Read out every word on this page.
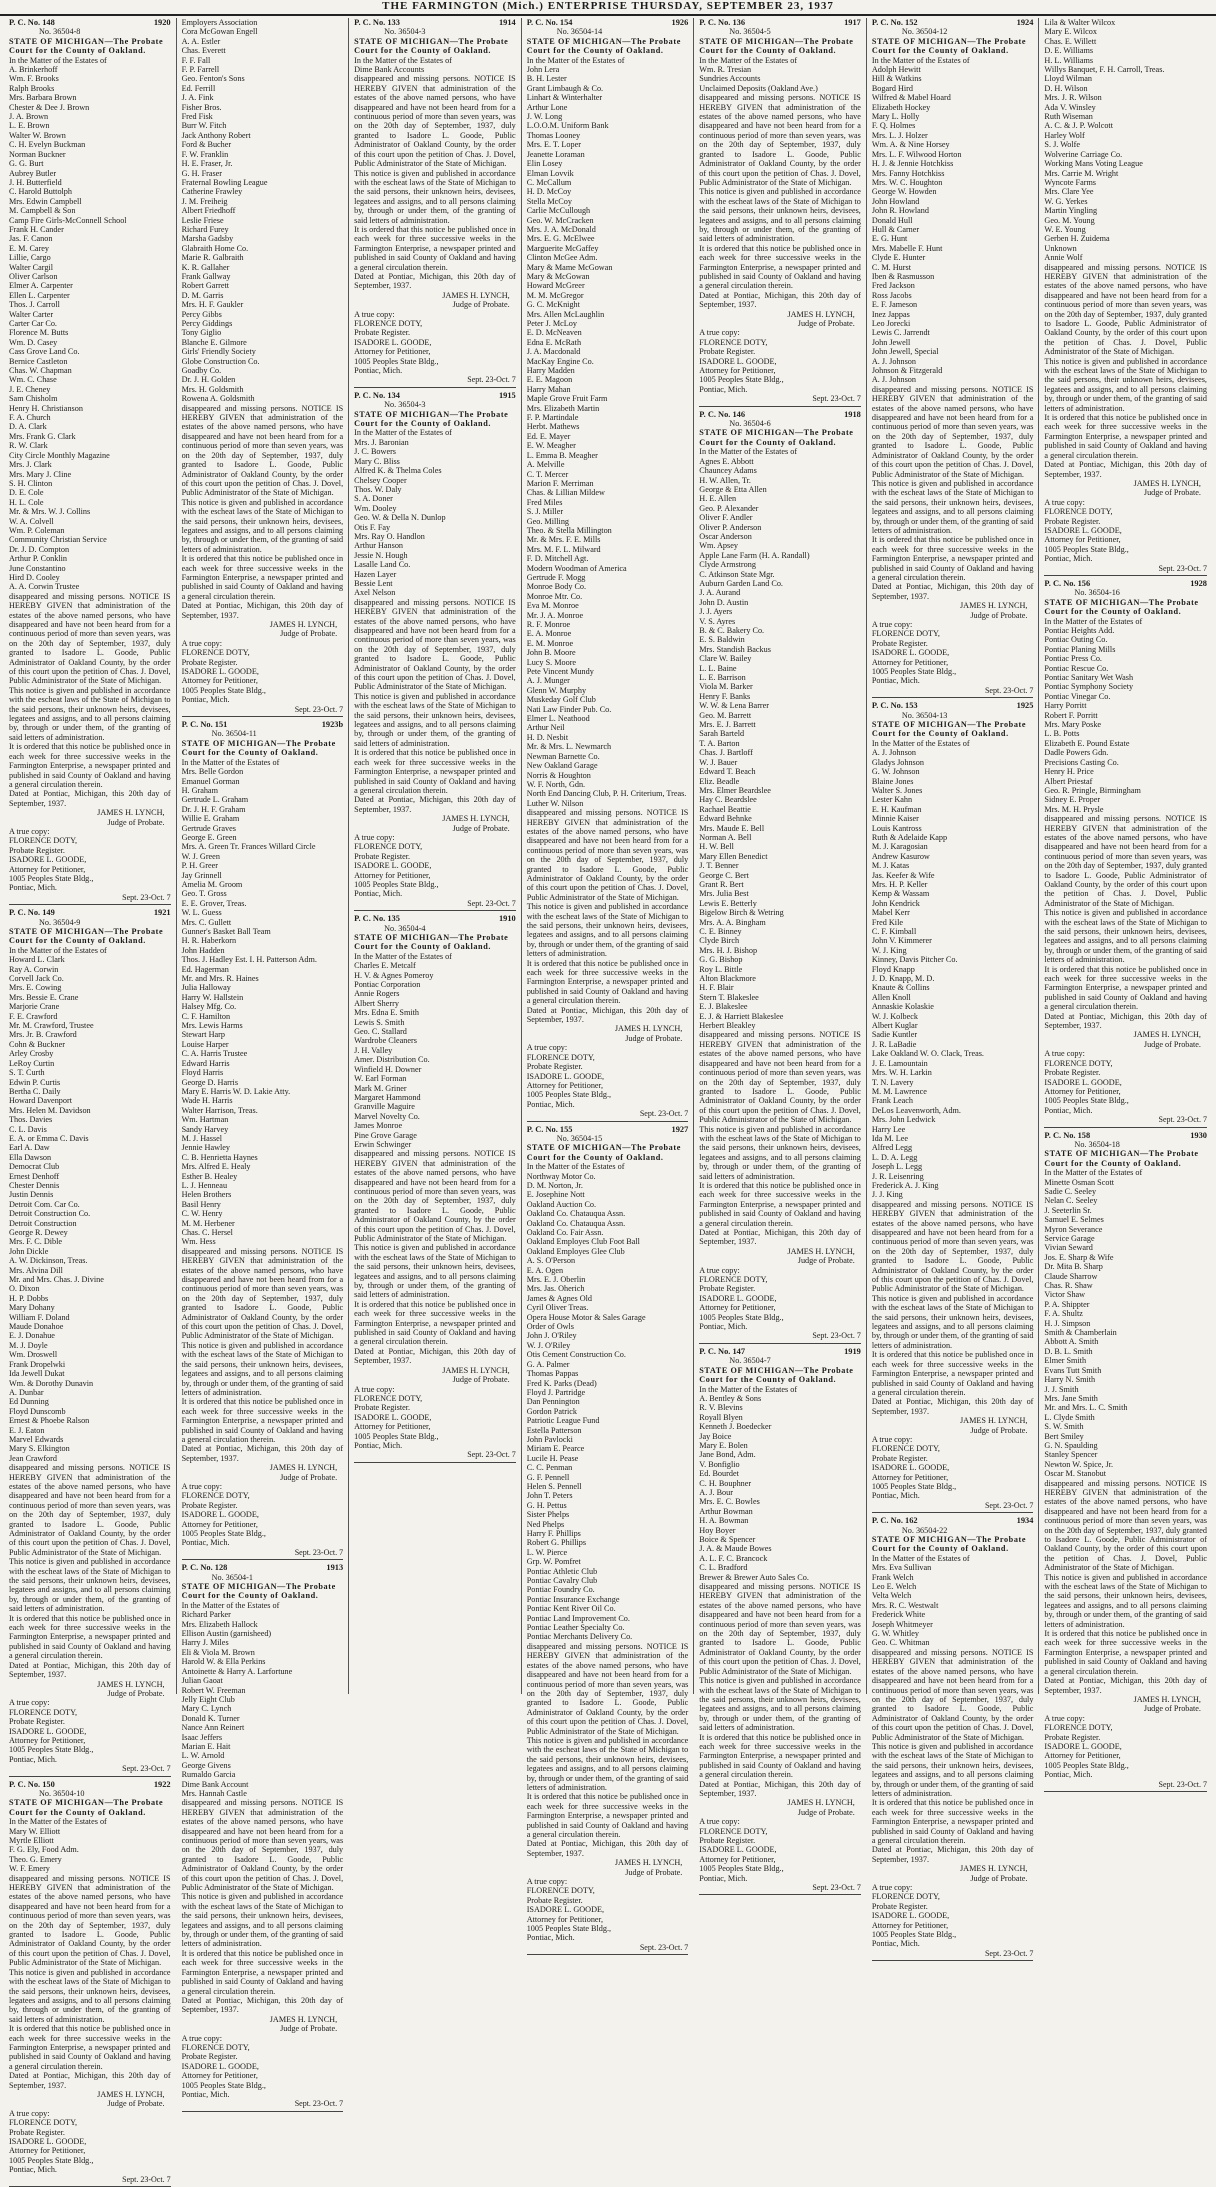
THE FARMINGTON (Mich.) ENTERPRISE THURSDAY, SEPTEMBER 23, 1937
P. C. No. 148	1920
No. 36504-8
STATE OF MICHIGAN—The Probate Court for the County of Oakland.
In the Matter of the Estates of
A. Brinkerhoff
Wm. F. Brooks
Ralph Brooks
Mrs. Barbara Brown
Chester & Dee J. Brown
J. A. Brown
L. E. Brown
Walter W. Brown
C. H. Evelyn Buckman
Norman Buckner
G. G. Burt
Aubrey Butler
J. H. Butterfield
C. Harold Buttolph
Mrs. Edwin Campbell
M. Campbell & Son
Camp Fire Girls-McConnell School
Frank H. Cander
Jas. F. Canon
E. M. Carey
Lillie, Cargo
Walter Cargil
Oliver Carlson
Elmer A. Carpenter
Ellen L. Carpenter
Thos. J. Carroll
Walter Carter
Carter Car Co.
Florence M. Butts
Wm. D. Casey
Cass Grove Land Co.
Bernice Castleton
Chas. W. Chapman
Wm. C. Chase
J. E. Cheney
Sam Chisholm
Henry H. Christianson
F. A. Church
D. A. Clark
Mrs. Frank G. Clark
R. W. Clark
City Circle Monthly Magazine
Mrs. J. Clark
Mrs. Mary J. Cline
S. H. Clinton
D. E. Cole
H. L. Cole
Mr. & Mrs. W. J. Collins
W. A. Colvell
Wm. P. Coleman
Community Christian Service
Dr. J. D. Compton
Arthur P. Conklin
June Constantino
Hird D. Cooley
A. A. Corwin Trustee
disappeared and missing persons. NOTICE IS HEREBY GIVEN that administration of the estates of the above named persons, who have disappeared and have not been heard from for a continuous period of more than seven years, was on the 20th day of September, 1937, duly granted to Isadore L. Goode, Public Administrator of Oakland County, by the order of this court upon the petition of Chas. J. Dovel, Public Administrator of the State of Michigan.
This notice is given and published in accordance with the escheat laws of the State of Michigan to the said persons, their unknown heirs, devisees, legatees and assigns, and to all persons claiming by, through or under them, of the granting of said letters of administration.
It is ordered that this notice be published once in each week for three successive weeks in the Farmington Enterprise, a newspaper printed and published in said County of Oakland and having a general circulation therein.
Dated at Pontiac, Michigan, this 20th day of September, 1937.
JAMES H. LYNCH,
Judge of Probate.
A true copy:
FLORENCE DOTY,
Probate Register.
ISADORE L. GOODE,
Attorney for Petitioner,
1005 Peoples State Bldg.,
Pontiac, Mich.
Sept. 23-Oct. 7
P. C. No. 149	1921
No. 36504-9
STATE OF MICHIGAN—The Probate Court for the County of Oakland.
In the Matter of the Estates of
Howard L. Clark
Ray A. Corwin
Corvell Jack Co.
Mrs. E. Cowing
Mrs. Bessie E. Crane
Marjorie Crane
F. E. Crawford
Mr. M. Crawford, Trustee
Mrs. Jr. B. Crawford
Cohn & Buckner
Arley Crosby
LeRoy Curtin
S. T. Curth
Edwin P. Curtis
Bertha C. Daily
Howard Davenport
Mrs. Helen M. Davidson
Thos. Davies
C. L. Davis
E. A. or Emma C. Davis
Earl A. Daw
Ella Dawson
Democrat Club
Ernest Denhoff
Chester Dennis
Justin Dennis
Detroit Com. Car Co.
Detroit Construction Co.
Detroit Construction
George R. Dewey
Mrs. F. C. Dible
John Dickle
A. W. Dickinson, Treas.
Mrs. Alvina Dill
Mr. and Mrs. Chas. J. Divine
O. Dixon
H. P. Dobbs
Mary Dohany
William F. Doland
Maude Donahoe
E. J. Donahue
M. J. Doyle
Wm. Droswell
Frank Dropelwki
Ida Jewell Dukat
Wm. & Dorothy Dunavin
A. Dunbar
Ed Dunning
Floyd Dunscomb
Ernest & Phoebe Ralson
E. J. Eaton
Marvel Edwards
Mary S. Elkington
Jean Crawford
disappeared and missing persons. NOTICE IS HEREBY GIVEN that administration of the estates of the above named persons, who have disappeared and have not been heard from for a continuous period of more than seven years, was on the 20th day of September, 1937, duly granted to Isadore L. Goode, Public Administrator of Oakland County, by the order of this court upon the petition of Chas. J. Dovel, Public Administrator of the State of Michigan.
This notice is given and published in accordance with the escheat laws of the State of Michigan to the said persons, their unknown heirs, devisees, legatees and assigns, and to all persons claiming by, through or under them, of the granting of said letters of administration.
It is ordered that this notice be published once in each week for three successive weeks in the Farmington Enterprise, a newspaper printed and published in said County of Oakland and having a general circulation therein.
Dated at Pontiac, Michigan, this 20th day of September, 1937.
JAMES H. LYNCH,
Judge of Probate.
A true copy:
FLORENCE DOTY,
Probate Register.
ISADORE L. GOODE,
Attorney for Petitioner,
1005 Peoples State Bldg.,
Pontiac, Mich.
Sept. 23-Oct. 7
P. C. No. 150	1922
No. 36504-10
STATE OF MICHIGAN—The Probate Court for the County of Oakland.
In the Matter of the Estates of
Mary W. Elliott
Myrtle Elliott
F. G. Ely, Food Adm.
Theo. G. Emery
W. F. Emery
disappeared and missing persons. NOTICE IS HEREBY GIVEN that administration of the estates of the above named persons, who have disappeared and have not been heard from for a continuous period of more than seven years, was on the 20th day of September, 1937, duly granted to Isadore L. Goode, Public Administrator of Oakland County, by the order of this court upon the petition of Chas. J. Dovel, Public Administrator of the State of Michigan.
This notice is given and published in accordance with the escheat laws of the State of Michigan to the said persons, their unknown heirs, devisees, legatees and assigns, and to all persons claiming by, through or under them, of the granting of said letters of administration.
It is ordered that this notice be published once in each week for three successive weeks in the Farmington Enterprise, a newspaper printed and published in said County of Oakland and having a general circulation therein.
Dated at Pontiac, Michigan, this 20th day of September, 1937.
JAMES H. LYNCH,
Judge of Probate.
A true copy:
FLORENCE DOTY,
Probate Register.
ISADORE L. GOODE,
Attorney for Petitioner,
1005 Peoples State Bldg.,
Pontiac, Mich.
Sept. 23-Oct. 7
Employers Association
Cora McGowan Engell
A. A. Estler
Chas. Everett
F. F. Fall
F. P. Farrell
Geo. Fenton's Sons
Ed. Ferrill
J. A. Fink
Fisher Bros.
Fred Fisk
Burr W. Fitch
Jack Anthony Robert
Ford & Bucher
F. W. Franklin
H. E. Fraser, Jr.
G. H. Fraser
Fraternal Bowling League
Catherine Frawley
J. M. Freiheig
Albert Friedhoff
Leslie Friese
Richard Furey
Marsha Gadsby
Glabraith Home Co.
Marie R. Galbraith
K. R. Gallaher
Frank Gallway
Robert Garrett
D. M. Garris
Mrs. H. F. Gaukler
Percy Gibbs
Percy Giddings
Tony Giglio
Blanche E. Gilmore
Girls' Friendly Society
Globe Construction Co.
Goadby Co.
Dr. J. H. Golden
Mrs. H. Goldsmith
Rowena A. Goldsmith
disappeared and missing persons. NOTICE IS HEREBY GIVEN that administration of the estates of the above named persons, who have disappeared and have not been heard from for a continuous period of more than seven years, was on the 20th day of September, 1937, duly granted to Isadore L. Goode, Public Administrator of Oakland County, by the order of this court upon the petition of Chas. J. Dovel, Public Administrator of the State of Michigan.
This notice is given and published in accordance with the escheat laws of the State of Michigan to the said persons, their unknown heirs, devisees, legatees and assigns, and to all persons claiming by, through or under them, of the granting of said letters of administration.
It is ordered that this notice be published once in each week for three successive weeks in the Farmington Enterprise, a newspaper printed and published in said County of Oakland and having a general circulation therein.
Dated at Pontiac, Michigan, this 20th day of September, 1937.
JAMES H. LYNCH,
Judge of Probate.
A true copy:
FLORENCE DOTY,
Probate Register.
ISADORE L. GOODE,
Attorney for Petitioner,
1005 Peoples State Bldg.,
Pontiac, Mich.
Sept. 23-Oct. 7
P. C. No. 151	1923b
No. 36504-11
STATE OF MICHIGAN—The Probate Court for the County of Oakland.
In the Matter of the Estates of
Mrs. Belle Gordon
Emanuel Gorman
H. Graham
Gertrude L. Graham
Dr. J. H. F. Graham
Willie E. Graham
Gertrude Graves
George E. Green
Mrs. A. Green Tr. Frances Willard Circle
W. J. Green
P. H. Greer
Jay Grinnell
Amelia M. Groom
Geo. T. Gross
E. E. Grover, Treas.
W. L. Guess
Mrs. C. Gullett
Gunner's Basket Ball Team
H. R. Haberkorn
John Hadden
Thos. J. Hadley Est. I. H. Patterson Adm.
Ed. Hagerman
Mr. and Mrs. R. Haines
Julia Halloway
Harry W. Hallstein
Halsey Mfg. Co.
C. F. Hamilton
Mrs. Lewis Harms
Stewart Harp
Louise Harper
C. A. Harris Trustee
Edward Harris
Floyd Harris
George D. Harris
Mary E. Harris W. D. Lakie Atty.
Wade H. Harris
Walter Harrison, Treas.
Wm. Hartman
Sandy Harvey
M. J. Hassel
Jennie Hawley
C. B. Henrietta Haynes
Mrs. Alfred E. Healy
Esther B. Healey
L. J. Henneau
Helen Brothers
Basil Henry
C. W. Henry
M. M. Herbener
Chas. C. Hersel
Wm. Hess
disappeared and missing persons. NOTICE IS HEREBY GIVEN that administration of the estates of the above named persons, who have disappeared and have not been heard from for a continuous period of more than seven years, was on the 20th day of September, 1937, duly granted to Isadore L. Goode, Public Administrator of Oakland County, by the order of this court upon the petition of Chas. J. Dovel, Public Administrator of the State of Michigan.
This notice is given and published in accordance with the escheat laws of the State of Michigan to the said persons, their unknown heirs, devisees, legatees and assigns, and to all persons claiming by, through or under them, of the granting of said letters of administration.
It is ordered that this notice be published once in each week for three successive weeks in the Farmington Enterprise, a newspaper printed and published in said County of Oakland and having a general circulation therein.
Dated at Pontiac, Michigan, this 20th day of September, 1937.
JAMES H. LYNCH,
Judge of Probate.
A true copy:
FLORENCE DOTY,
Probate Register.
ISADORE L. GOODE,
Attorney for Petitioner,
1005 Peoples State Bldg.,
Pontiac, Mich.
Sept. 23-Oct. 7
P. C. No. 128	1913
No. 36504-1
STATE OF MICHIGAN—The Probate Court for the County of Oakland.
In the Matter of the Estates of
Richard Parker
Mrs. Elizabeth Hallock
Ellison Austin (garnisheed)
Harry J. Miles
Eli & Viola M. Brown
Harold W. & Ella Perkins
Antoinette & Harry A. Larfortune
Julian Gaoat
Robert W. Freeman
Jelly Eight Club
Mary C. Lynch
Donald K. Turner
Nance Ann Reinert
Isaac Jeffers
Marian E. Hait
L. W. Arnold
George Givens
Rumaldo Garcia
Dime Bank Account
Mrs. Hannah Castle
disappeared and missing persons. NOTICE IS HEREBY GIVEN that administration of the estates of the above named persons, who have disappeared and have not been heard from for a continuous period of more than seven years, was on the 20th day of September, 1937, duly granted to Isadore L. Goode, Public Administrator of Oakland County, by the order of this court upon the petition of Chas. J. Dovel, Public Administrator of the State of Michigan.
This notice is given and published in accordance with the escheat laws of the State of Michigan to the said persons, their unknown heirs, devisees, legatees and assigns, and to all persons claiming by, through or under them, of the granting of said letters of administration.
It is ordered that this notice be published once in each week for three successive weeks in the Farmington Enterprise, a newspaper printed and published in said County of Oakland and having a general circulation therein.
Dated at Pontiac, Michigan, this 20th day of September, 1937.
JAMES H. LYNCH,
Judge of Probate.
A true copy:
FLORENCE DOTY,
Probate Register.
ISADORE L. GOODE,
Attorney for Petitioner,
1005 Peoples State Bldg.,
Pontiac, Mich.
Sept. 23-Oct. 7
P. C. No. 133	1914
No. 36504-3
STATE OF MICHIGAN—The Probate Court for the County of Oakland.
In the Matter of the Estates of
Dime Bank Accounts
disappeared and missing persons. NOTICE IS HEREBY GIVEN that administration of the estates of the above named persons, who have disappeared and have not been heard from for a continuous period of more than seven years, was on the 20th day of September, 1937, duly granted to Isadore L. Goode, Public Administrator of Oakland County, by the order of this court upon the petition of Chas. J. Dovel, Public Administrator of the State of Michigan.
This notice is given and published in accordance with the escheat laws of the State of Michigan to the said persons, their unknown heirs, devisees, legatees and assigns, and to all persons claiming by, through or under them, of the granting of said letters of administration.
It is ordered that this notice be published once in each week for three successive weeks in the Farmington Enterprise, a newspaper printed and published in said County of Oakland and having a general circulation therein.
Dated at Pontiac, Michigan, this 20th day of September, 1937.
JAMES H. LYNCH,
Judge of Probate.
A true copy:
FLORENCE DOTY,
Probate Register.
ISADORE L. GOODE,
Attorney for Petitioner,
1005 Peoples State Bldg.,
Pontiac, Mich.
Sept. 23-Oct. 7
P. C. No. 134	1915
No. 36504-3
STATE OF MICHIGAN—The Probate Court for the County of Oakland.
In the Matter of the Estates of
Mrs. J. Baronian
J. C. Bowers
Mary C. Bliss
Alfred K. & Thelma Coles
Chelsey Cooper
Thos. W. Daly
S. A. Doner
Wm. Dooley
Geo. W. & Della N. Dunlop
Otis F. Fay
Mrs. Ray O. Handlon
Arthur Hanson
Jessie N. Hough
Lasalle Land Co.
Hazen Layer
Bessie Lent
Axel Nelson
disappeared and missing persons. NOTICE IS HEREBY GIVEN that administration of the estates of the above named persons, who have disappeared and have not been heard from for a continuous period of more than seven years, was on the 20th day of September, 1937, duly granted to Isadore L. Goode, Public Administrator of Oakland County, by the order of this court upon the petition of Chas. J. Dovel, Public Administrator of the State of Michigan.
This notice is given and published in accordance with the escheat laws of the State of Michigan to the said persons, their unknown heirs, devisees, legatees and assigns, and to all persons claiming by, through or under them, of the granting of said letters of administration.
It is ordered that this notice be published once in each week for three successive weeks in the Farmington Enterprise, a newspaper printed and published in said County of Oakland and having a general circulation therein.
Dated at Pontiac, Michigan, this 20th day of September, 1937.
JAMES H. LYNCH,
Judge of Probate.
A true copy:
FLORENCE DOTY,
Probate Register.
ISADORE L. GOODE,
Attorney for Petitioner,
1005 Peoples State Bldg.,
Pontiac, Mich.
Sept. 23-Oct. 7
P. C. No. 135	1910
No. 36504-4
STATE OF MICHIGAN—The Probate Court for the County of Oakland.
In the Matter of the Estates of
Charles E. Metcalf
H. V. & Agnes Pomeroy
Pontiac Corporation
Annie Rogers
Albert Sherry
Mrs. Edna E. Smith
Lewis S. Smith
Geo. C. Stallard
Wardrobe Cleaners
J. H. Valley
Amer. Distribution Co.
Winfield H. Downer
W. Earl Forman
Mark M. Griner
Margaret Hammond
Granville Maguire
Marvel Novelty Co.
James Monroe
Pine Grove Garage
Erwin Schwinger
disappeared and missing persons. NOTICE IS HEREBY GIVEN that administration of the estates of the above named persons, who have disappeared and have not been heard from for a continuous period of more than seven years, was on the 20th day of September, 1937, duly granted to Isadore L. Goode, Public Administrator of Oakland County, by the order of this court upon the petition of Chas. J. Dovel, Public Administrator of the State of Michigan.
This notice is given and published in accordance with the escheat laws of the State of Michigan to the said persons, their unknown heirs, devisees, legatees and assigns, and to all persons claiming by, through or under them, of the granting of said letters of administration.
It is ordered that this notice be published once in each week for three successive weeks in the Farmington Enterprise, a newspaper printed and published in said County of Oakland and having a general circulation therein.
Dated at Pontiac, Michigan, this 20th day of September, 1937.
JAMES H. LYNCH,
Judge of Probate.
A true copy:
FLORENCE DOTY,
Probate Register.
ISADORE L. GOODE,
Attorney for Petitioner,
1005 Peoples State Bldg.,
Pontiac, Mich.
Sept. 23-Oct. 7
P. C. No. 154	1926
No. 36504-14
STATE OF MICHIGAN—The Probate Court for the County of Oakland.
In the Matter of the Estates of
John Lera
B. H. Lester
Grant Limbaugh & Co.
Linhart & Winterhalter
Arthur Lone
J. W. Long
L.O.O.M. Uniform Bank
Thomas Looney
Mrs. E. T. Loper
Jeanette Loraman
Elin Losey
Elman Lovvik
C. McCallum
H. D. McCoy
Stella McCoy
Carlie McCullough
Geo. W. McCracken
Mrs. J. A. McDonald
Mrs. E. G. McElwee
Marguerite McGaffey
Clinton McGee Adm.
Mary & Mame McGowan
Mary & McGowan
Howard McGreer
M. M. McGregor
G. C. McKnight
Mrs. Allen McLaughlin
Peter J. McLoy
E. D. McNeaven
Edna E. McRath
J. A. Macdonald
MacKay Engine Co.
Harry Madden
E. E. Magoon
Harry Mahan
Maple Grove Fruit Farm
Mrs. Elizabeth Martin
F. P. Martindale
Herbt. Mathews
Ed. E. Mayer
E. W. Meagher
L. Emma B. Meagher
A. Melville
C. T. Mercer
Marion F. Merriman
Chas. & Lillian Mildew
Fred Miles
S. J. Miller
Geo. Milling
Theo. & Stella Millington
Mr. & Mrs. F. E. Mills
Mrs. M. F. L. Milward
F. D. Mitchell Agt.
Modern Woodman of America
Gertrude F. Mogg
Monroe Body Co.
Monroe Mtr. Co.
Eva M. Monroe
Mr. J. A. Monroe
R. F. Monroe
E. A. Monroe
E. M. Monroe
John B. Moore
Lucy S. Moore
Pete Vincent Mundy
A. J. Munger
Glenn W. Murphy
Muskeday Golf Club
Nati Law Finder Pub. Co.
Elmer L. Neathood
Arthur Neil
H. D. Nesbit
Mr. & Mrs. L. Newmarch
Newman Barnette Co.
New Oakland Garage
Norris & Houghton
W. F. North, Gdn.
North End Dancing Club, P. H. Criterium, Treas.
Luther W. Nilson
disappeared and missing persons. NOTICE IS HEREBY GIVEN that administration of the estates of the above named persons, who have disappeared and have not been heard from for a continuous period of more than seven years, was on the 20th day of September, 1937, duly granted to Isadore L. Goode, Public Administrator of Oakland County, by the order of this court upon the petition of Chas. J. Dovel, Public Administrator of the State of Michigan.
This notice is given and published in accordance with the escheat laws of the State of Michigan to the said persons, their unknown heirs, devisees, legatees and assigns, and to all persons claiming by, through or under them, of the granting of said letters of administration.
It is ordered that this notice be published once in each week for three successive weeks in the Farmington Enterprise, a newspaper printed and published in said County of Oakland and having a general circulation therein.
Dated at Pontiac, Michigan, this 20th day of September, 1937.
JAMES H. LYNCH,
Judge of Probate.
A true copy:
FLORENCE DOTY,
Probate Register.
ISADORE L. GOODE,
Attorney for Petitioner,
1005 Peoples State Bldg.,
Pontiac, Mich.
Sept. 23-Oct. 7
P. C. No. 155	1927
No. 36504-15
STATE OF MICHIGAN—The Probate Court for the County of Oakland.
In the Matter of the Estates of
Northway Motor Co.
D. M. Norton, Jr.
E. Josephine Nott
Oakland Auction Co.
Oakland Co. Chatauqua Assn.
Oakland Co. Chatauqua Assn.
Oakland Co. Fair Assn.
Oakland Employes Club Foot Ball
Oakland Employes Glee Club
A. S. O'Person
E. A. Ogen
Mrs. E. J. Oberlin
Mrs. Jas. Oherich
James & Agnes Old
Cyril Oliver Treas.
Opera House Motor & Sales Garage
Order of Owls
John J. O'Riley
W. J. O'Riley
Otis Cement Construction Co.
G. A. Palmer
Thomas Pappas
Fred K. Parks (Dead)
Floyd J. Partridge
Dan Pennington
Gordon Patrick
Patriotic League Fund
Estella Patterson
John Pavlocki
Miriam E. Pearce
Lucile H. Pease
C. C. Penman
G. F. Pennell
Helen S. Pennell
John T. Peters
G. H. Pettus
Sister Phelps
Ned Phelps
Harry F. Phillips
Robert G. Phillips
L. W. Pierce
Grp. W. Pomfret
Pontiac Athletic Club
Pontiac Cavalry Club
Pontiac Foundry Co.
Pontiac Insurance Exchange
Pontiac Kent River Oil Co.
Pontiac Land Improvement Co.
Pontiac Leather Specialty Co.
Pontiac Merchants Delivery Co.
disappeared and missing persons. NOTICE IS HEREBY GIVEN that administration of the estates of the above named persons, who have disappeared and have not been heard from for a continuous period of more than seven years, was on the 20th day of September, 1937, duly granted to Isadore L. Goode, Public Administrator of Oakland County, by the order of this court upon the petition of Chas. J. Dovel, Public Administrator of the State of Michigan.
This notice is given and published in accordance with the escheat laws of the State of Michigan to the said persons, their unknown heirs, devisees, legatees and assigns, and to all persons claiming by, through or under them, of the granting of said letters of administration.
It is ordered that this notice be published once in each week for three successive weeks in the Farmington Enterprise, a newspaper printed and published in said County of Oakland and having a general circulation therein.
Dated at Pontiac, Michigan, this 20th day of September, 1937.
JAMES H. LYNCH,
Judge of Probate.
A true copy:
FLORENCE DOTY,
Probate Register.
ISADORE L. GOODE,
Attorney for Petitioner,
1005 Peoples State Bldg.,
Pontiac, Mich.
Sept. 23-Oct. 7
P. C. No. 136	1917
No. 36504-5
STATE OF MICHIGAN—The Probate Court for the County of Oakland.
In the Matter of the Estates of
Wm. R. Tresian
Sundries Accounts
Unclaimed Deposits (Oakland Ave.)
disappeared and missing persons. NOTICE IS HEREBY GIVEN that administration of the estates of the above named persons, who have disappeared and have not been heard from for a continuous period of more than seven years, was on the 20th day of September, 1937, duly granted to Isadore L. Goode, Public Administrator of Oakland County, by the order of this court upon the petition of Chas. J. Dovel, Public Administrator of the State of Michigan.
This notice is given and published in accordance with the escheat laws of the State of Michigan to the said persons, their unknown heirs, devisees, legatees and assigns, and to all persons claiming by, through or under them, of the granting of said letters of administration.
It is ordered that this notice be published once in each week for three successive weeks in the Farmington Enterprise, a newspaper printed and published in said County of Oakland and having a general circulation therein.
Dated at Pontiac, Michigan, this 20th day of September, 1937.
JAMES H. LYNCH,
Judge of Probate.
A true copy:
FLORENCE DOTY,
Probate Register.
ISADORE L. GOODE,
Attorney for Petitioner,
1005 Peoples State Bldg.,
Pontiac, Mich.
Sept. 23-Oct. 7
P. C. No. 146	1918
No. 36504-6
STATE OF MICHIGAN—The Probate Court for the County of Oakland.
In the Matter of the Estates of
Agnes E. Abbott
Chauncey Adams
H. W. Allen, Tr.
George & Etta Allen
H. E. Allen
Geo. P. Alexander
Oliver F. Andler
Oliver P. Anderson
Oscar Anderson
Wm. Apsey
Apple Lane Farm (H. A. Randall)
Clyde Armstrong
C. Atkinson State Mgr.
Auburn Garden Land Co.
J. A. Aurand
John D. Austin
J. J. Ayers
V. S. Ayres
B. & C. Bakery Co.
E. S. Baldwin
Mrs. Standish Backus
Clare W. Bailey
L. L. Baine
L. E. Barrison
Viola M. Barker
Henry F. Banks
W. W. & Lena Barrer
Geo. M. Barrett
Mrs. E. J. Barrett
Sarah Barteld
T. A. Barton
Chas. J. Bartloff
W. J. Bauer
Edward T. Beach
Eliz. Beadle
Mrs. Elmer Beardslee
Hay C. Beardslee
Rachael Beattie
Edward Behnke
Mrs. Maude E. Bell
Norman A. Bell
H. W. Bell
Mary Ellen Benedict
J. T. Benner
George C. Bert
Grant R. Bert
Mrs. Julia Best
Lewis E. Betterly
Bigelow Birch & Wetring
Mrs. A. A. Bingham
C. E. Binney
Clyde Birch
Mrs. H. J. Bishop
G. G. Bishop
Roy L. Bittle
Alton Blackmore
H. F. Blair
Stern T. Blakeslee
E. J. Blakeslee
E. J. & Harriett Blakeslee
Herbert Bleakley
disappeared and missing persons. NOTICE IS HEREBY GIVEN that administration of the estates of the above named persons, who have disappeared and have not been heard from for a continuous period of more than seven years, was on the 20th day of September, 1937, duly granted to Isadore L. Goode, Public Administrator of Oakland County, by the order of this court upon the petition of Chas. J. Dovel, Public Administrator of the State of Michigan.
This notice is given and published in accordance with the escheat laws of the State of Michigan to the said persons, their unknown heirs, devisees, legatees and assigns, and to all persons claiming by, through or under them, of the granting of said letters of administration.
It is ordered that this notice be published once in each week for three successive weeks in the Farmington Enterprise, a newspaper printed and published in said County of Oakland and having a general circulation therein.
Dated at Pontiac, Michigan, this 20th day of September, 1937.
JAMES H. LYNCH,
Judge of Probate.
A true copy:
FLORENCE DOTY,
Probate Register.
ISADORE L. GOODE,
Attorney for Petitioner,
1005 Peoples State Bldg.,
Pontiac, Mich.
Sept. 23-Oct. 7
P. C. No. 147	1919
No. 36504-7
STATE OF MICHIGAN—The Probate Court for the County of Oakland.
In the Matter of the Estates of
A. Bentley & Sons
R. V. Blevins
Royall Blyen
Kenneth J. Boedecker
Jay Boice
Mary E. Bolen
Jane Bond, Adm.
V. Bonfiglio
Ed. Bourdet
C. H. Bouphner
A. J. Bour
Mrs. E. C. Bowles
Arthur Bowman
H. A. Bowman
Hoy Boyer
Boice & Spencer
J. A. & Maude Bowes
A. L. F. C. Brancock
C. L. Bradford
Brewer & Brewer Auto Sales Co.
disappeared and missing persons. NOTICE IS HEREBY GIVEN that administration of the estates of the above named persons, who have disappeared and have not been heard from for a continuous period of more than seven years, was on the 20th day of September, 1937, duly granted to Isadore L. Goode, Public Administrator of Oakland County, by the order of this court upon the petition of Chas. J. Dovel, Public Administrator of the State of Michigan.
This notice is given and published in accordance with the escheat laws of the State of Michigan to the said persons, their unknown heirs, devisees, legatees and assigns, and to all persons claiming by, through or under them, of the granting of said letters of administration.
It is ordered that this notice be published once in each week for three successive weeks in the Farmington Enterprise, a newspaper printed and published in said County of Oakland and having a general circulation therein.
Dated at Pontiac, Michigan, this 20th day of September, 1937.
JAMES H. LYNCH,
Judge of Probate.
A true copy:
FLORENCE DOTY,
Probate Register.
ISADORE L. GOODE,
Attorney for Petitioner,
1005 Peoples State Bldg.,
Pontiac, Mich.
Sept. 23-Oct. 7
P. C. No. 152	1924
No. 36504-12
STATE OF MICHIGAN—The Probate Court for the County of Oakland.
In the Matter of the Estates of
Adolph Hewitt
Hill & Watkins
Bogard Hird
Wilfred & Mabel Hoard
Elizabeth Hockey
Mary L. Holly
F. Q. Holmes
Mrs. L. J. Holzer
Wm. A. & Nine Horsey
Mrs. L. F. Wilwood Horton
H. J. & Jennie Hotchkiss
Mrs. Fanny Hotchkiss
Mrs. W. C. Houghton
George W. Howden
John Howland
John R. Howland
Donald Hull
Hull & Carner
E. G. Hunt
Mrs. Mabelle F. Hunt
Clyde E. Hunter
C. M. Hurst
Iben & Rasmusson
Fred Jackson
Ross Jacobs
E. F. Jameson
Inez Jappas
Leo Jorecki
Lewis C. Jarrendt
John Jewell
John Jewell, Special
A. J. Johnson
Johnson & Fitzgerald
A. J. Johnson
disappeared and missing persons. NOTICE IS HEREBY GIVEN that administration of the estates of the above named persons, who have disappeared and have not been heard from for a continuous period of more than seven years, was on the 20th day of September, 1937, duly granted to Isadore L. Goode, Public Administrator of Oakland County, by the order of this court upon the petition of Chas. J. Dovel, Public Administrator of the State of Michigan.
This notice is given and published in accordance with the escheat laws of the State of Michigan to the said persons, their unknown heirs, devisees, legatees and assigns, and to all persons claiming by, through or under them, of the granting of said letters of administration.
It is ordered that this notice be published once in each week for three successive weeks in the Farmington Enterprise, a newspaper printed and published in said County of Oakland and having a general circulation therein.
Dated at Pontiac, Michigan, this 20th day of September, 1937.
JAMES H. LYNCH,
Judge of Probate.
A true copy:
FLORENCE DOTY,
Probate Register.
ISADORE L. GOODE,
Attorney for Petitioner,
1005 Peoples State Bldg.,
Pontiac, Mich.
Sept. 23-Oct. 7
P. C. No. 153	1925
No. 36504-13
STATE OF MICHIGAN—The Probate Court for the County of Oakland.
In the Matter of the Estates of
A. J. Johnson
Gladys Johnson
G. W. Johnson
Blaine Jones
Walter S. Jones
Lester Kahn
E. H. Kaufman
Minnie Kaiser
Louis Kantross
Ruth & Adelaide Kapp
M. J. Karagosian
Andrew Kasurow
M. J. Katas
Jas. Keefer & Wife
Mrs. H. P. Keller
Kemp & Wassam
John Kendrick
Mabel Kerr
Fred Kile
C. F. Kimball
John V. Kimmerer
W. J. King
Kinney, Davis Pitcher Co.
Floyd Knapp
J. D. Knapp, M. D.
Knaute & Collins
Allen Knoll
Annaskie Kolaskie
W. J. Kolbeck
Albert Kuglar
Sadie Kuntler
J. R. LaBadie
Lake Oakland W. O. Clack, Treas.
J. E. Lamountain
Mrs. W. H. Larkin
T. N. Lavery
M. M. Lawrence
Frank Leach
DeLos Leavenworth, Adm.
Mrs. John Ledwick
Harry Lee
Ida M. Lee
Alfred Legg
L. D. A. Legg
Joseph L. Legg
J. R. Leisenring
Frederick A. J. King
J. J. King
disappeared and missing persons. NOTICE IS HEREBY GIVEN that administration of the estates of the above named persons, who have disappeared and have not been heard from for a continuous period of more than seven years, was on the 20th day of September, 1937, duly granted to Isadore L. Goode, Public Administrator of Oakland County, by the order of this court upon the petition of Chas. J. Dovel, Public Administrator of the State of Michigan.
This notice is given and published in accordance with the escheat laws of the State of Michigan to the said persons, their unknown heirs, devisees, legatees and assigns, and to all persons claiming by, through or under them, of the granting of said letters of administration.
It is ordered that this notice be published once in each week for three successive weeks in the Farmington Enterprise, a newspaper printed and published in said County of Oakland and having a general circulation therein.
Dated at Pontiac, Michigan, this 20th day of September, 1937.
JAMES H. LYNCH,
Judge of Probate.
A true copy:
FLORENCE DOTY,
Probate Register.
ISADORE L. GOODE,
Attorney for Petitioner,
1005 Peoples State Bldg.,
Pontiac, Mich.
Sept. 23-Oct. 7
P. C. No. 162	1934
No. 36504-22
STATE OF MICHIGAN—The Probate Court for the County of Oakland.
In the Matter of the Estates of
Mrs. Eva Sullivan
Frank Welch
Leo E. Welch
Velta Welch
Mrs. R. C. Westwalt
Frederick White
Joseph Whitmeyer
G. W. Whitley
Geo. C. Whitman
disappeared and missing persons. NOTICE IS HEREBY GIVEN that administration of the estates of the above named persons, who have disappeared and have not been heard from for a continuous period of more than seven years, was on the 20th day of September, 1937, duly granted to Isadore L. Goode, Public Administrator of Oakland County, by the order of this court upon the petition of Chas. J. Dovel, Public Administrator of the State of Michigan.
This notice is given and published in accordance with the escheat laws of the State of Michigan to the said persons, their unknown heirs, devisees, legatees and assigns, and to all persons claiming by, through or under them, of the granting of said letters of administration.
It is ordered that this notice be published once in each week for three successive weeks in the Farmington Enterprise, a newspaper printed and published in said County of Oakland and having a general circulation therein.
Dated at Pontiac, Michigan, this 20th day of September, 1937.
JAMES H. LYNCH,
Judge of Probate.
A true copy:
FLORENCE DOTY,
Probate Register.
ISADORE L. GOODE,
Attorney for Petitioner,
1005 Peoples State Bldg.,
Pontiac, Mich.
Sept. 23-Oct. 7
Lila & Walter Wilcox
Mary E. Wilcox
Chas. E. Willett
D. E. Williams
H. L. Williams
Willys Banquet, F. H. Carroll, Treas.
Lloyd Wilman
D. H. Wilson
Mrs. J. R. Wilson
Ada V. Winsley
Ruth Wiseman
A. C. & J. P. Wolcott
Harley Wolf
S. J. Wolfe
Wolverine Carriage Co.
Working Mans Voting League
Mrs. Carrie M. Wright
Wyncote Farms
Mrs. Clare Yee
W. G. Yerkes
Martin Yingling
Geo. M. Young
W. E. Young
Gerben H. Zuidema
Unknown
Annie Wolf
disappeared and missing persons. NOTICE IS HEREBY GIVEN that administration of the estates of the above named persons, who have disappeared and have not been heard from for a continuous period of more than seven years, was on the 20th day of September, 1937, duly granted to Isadore L. Goode, Public Administrator of Oakland County, by the order of this court upon the petition of Chas. J. Dovel, Public Administrator of the State of Michigan.
This notice is given and published in accordance with the escheat laws of the State of Michigan to the said persons, their unknown heirs, devisees, legatees and assigns, and to all persons claiming by, through or under them, of the granting of said letters of administration.
It is ordered that this notice be published once in each week for three successive weeks in the Farmington Enterprise, a newspaper printed and published in said County of Oakland and having a general circulation therein.
Dated at Pontiac, Michigan, this 20th day of September, 1937.
JAMES H. LYNCH,
Judge of Probate.
A true copy:
FLORENCE DOTY,
Probate Register.
ISADORE L. GOODE,
Attorney for Petitioner,
1005 Peoples State Bldg.,
Pontiac, Mich.
Sept. 23-Oct. 7
P. C. No. 156	1928
No. 36504-16
STATE OF MICHIGAN—The Probate Court for the County of Oakland.
In the Matter of the Estates of
Pontiac Heights Add.
Pontiac Outing Co.
Pontiac Planing Mills
Pontiac Press Co.
Pontiac Rescue Co.
Pontiac Sanitary Wet Wash
Pontiac Symphony Society
Pontiac Vinegar Co.
Harry Porritt
Robert F. Porritt
Mrs. Mary Poske
L. B. Potts
Elizabeth E. Pound Estate
Dadle Powers Gdn.
Precisions Casting Co.
Henry H. Price
Albert Priestaf
Geo. R. Pringle, Birmingham
Sidney E. Proper
Mrs. M. H. Prysle
disappeared and missing persons. NOTICE IS HEREBY GIVEN that administration of the estates of the above named persons, who have disappeared and have not been heard from for a continuous period of more than seven years, was on the 20th day of September, 1937, duly granted to Isadore L. Goode, Public Administrator of Oakland County, by the order of this court upon the petition of Chas. J. Dovel, Public Administrator of the State of Michigan.
This notice is given and published in accordance with the escheat laws of the State of Michigan to the said persons, their unknown heirs, devisees, legatees and assigns, and to all persons claiming by, through or under them, of the granting of said letters of administration.
It is ordered that this notice be published once in each week for three successive weeks in the Farmington Enterprise, a newspaper printed and published in said County of Oakland and having a general circulation therein.
Dated at Pontiac, Michigan, this 20th day of September, 1937.
JAMES H. LYNCH,
Judge of Probate.
A true copy:
FLORENCE DOTY,
Probate Register.
ISADORE L. GOODE,
Attorney for Petitioner,
1005 Peoples State Bldg.,
Pontiac, Mich.
Sept. 23-Oct. 7
P. C. No. 158	1930
No. 36504-18
STATE OF MICHIGAN—The Probate Court for the County of Oakland.
In the Matter of the Estates of
Minette Osman Scott
Sadie C. Seeley
Nelan C. Seeley
J. Seeterlin Sr.
Samuel E. Selmes
Myron Severance
Service Garage
Vivian Seward
Jos. E. Sharp & Wife
Dr. Mita B. Sharp
Claude Sharrow
Chas. R. Shaw
Victor Shaw
P. A. Shippter
F. A. Shultz
H. J. Simpson
Smith & Chamberlain
Abbott A. Smith
D. B. L. Smith
Elmer Smith
Evans Tutt Smith
Harry N. Smith
J. J. Smith
Mrs. Jane Smith
Mr. and Mrs. L. C. Smith
L. Clyde Smith
S. W. Smith
Bert Smiley
G. N. Spaulding
Stanley Spencer
Newton W. Spice, Jr.
Oscar M. Stanobut
disappeared and missing persons. NOTICE IS HEREBY GIVEN that administration of the estates of the above named persons, who have disappeared and have not been heard from for a continuous period of more than seven years, was on the 20th day of September, 1937, duly granted to Isadore L. Goode, Public Administrator of Oakland County, by the order of this court upon the petition of Chas. J. Dovel, Public Administrator of the State of Michigan.
This notice is given and published in accordance with the escheat laws of the State of Michigan to the said persons, their unknown heirs, devisees, legatees and assigns, and to all persons claiming by, through or under them, of the granting of said letters of administration.
It is ordered that this notice be published once in each week for three successive weeks in the Farmington Enterprise, a newspaper printed and published in said County of Oakland and having a general circulation therein.
Dated at Pontiac, Michigan, this 20th day of September, 1937.
JAMES H. LYNCH,
Judge of Probate.
A true copy:
FLORENCE DOTY,
Probate Register.
ISADORE L. GOODE,
Attorney for Petitioner,
1005 Peoples State Bldg.,
Pontiac, Mich.
Sept. 23-Oct. 7
